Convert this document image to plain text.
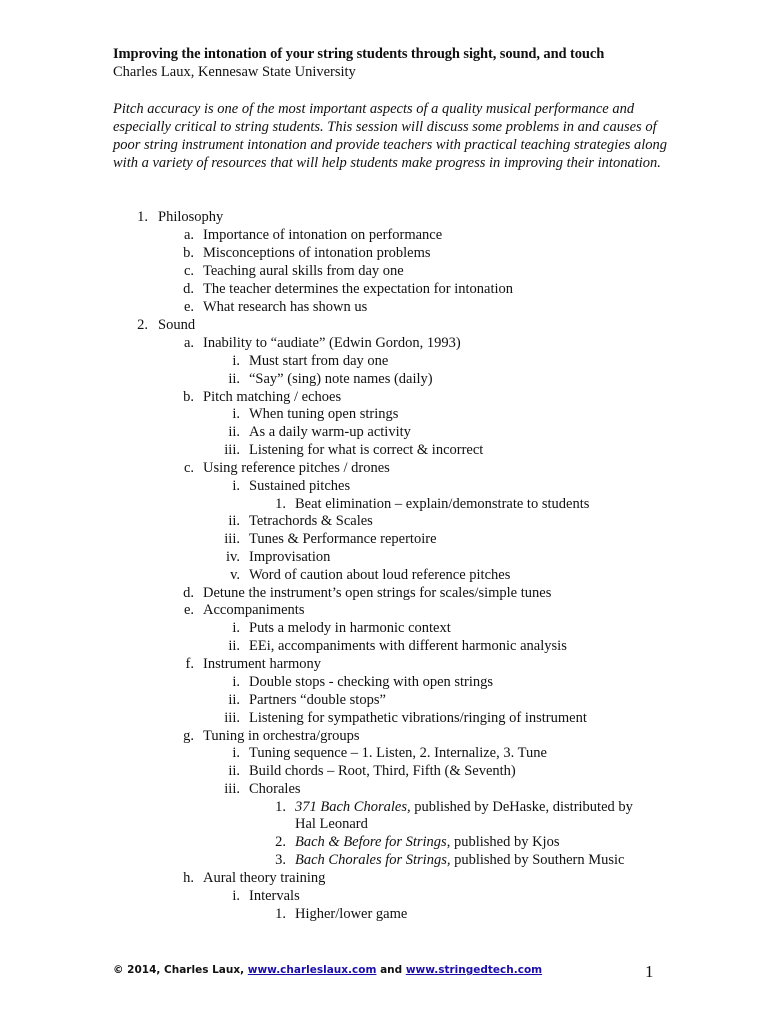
Improving the intonation of your string students through sight, sound, and touch
Charles Laux, Kennesaw State University
Pitch accuracy is one of the most important aspects of a quality musical performance and especially critical to string students. This session will discuss some problems in and causes of poor string instrument intonation and provide teachers with practical teaching strategies along with a variety of resources that will help students make progress in improving their intonation.
1. Philosophy
a. Importance of intonation on performance
b. Misconceptions of intonation problems
c. Teaching aural skills from day one
d. The teacher determines the expectation for intonation
e. What research has shown us
2. Sound
a. Inability to “audiate” (Edwin Gordon, 1993)
i. Must start from day one
ii. “Say” (sing) note names (daily)
b. Pitch matching / echoes
i. When tuning open strings
ii. As a daily warm-up activity
iii. Listening for what is correct & incorrect
c. Using reference pitches / drones
i. Sustained pitches
1. Beat elimination – explain/demonstrate to students
ii. Tetrachords & Scales
iii. Tunes & Performance repertoire
iv. Improvisation
v. Word of caution about loud reference pitches
d. Detune the instrument’s open strings for scales/simple tunes
e. Accompaniments
i. Puts a melody in harmonic context
ii. EEi, accompaniments with different harmonic analysis
f. Instrument harmony
i. Double stops - checking with open strings
ii. Partners “double stops”
iii. Listening for sympathetic vibrations/ringing of instrument
g. Tuning in orchestra/groups
i. Tuning sequence – 1. Listen, 2. Internalize, 3. Tune
ii. Build chords – Root, Third, Fifth (& Seventh)
iii. Chorales
1. 371 Bach Chorales, published by DeHaske, distributed by
Hal Leonard
2. Bach & Before for Strings, published by Kjos
3. Bach Chorales for Strings, published by Southern Music
h. Aural theory training
i. Intervals
1. Higher/lower game
© 2014, Charles Laux, www.charleslaux.com and www.stringedtech.com	1
